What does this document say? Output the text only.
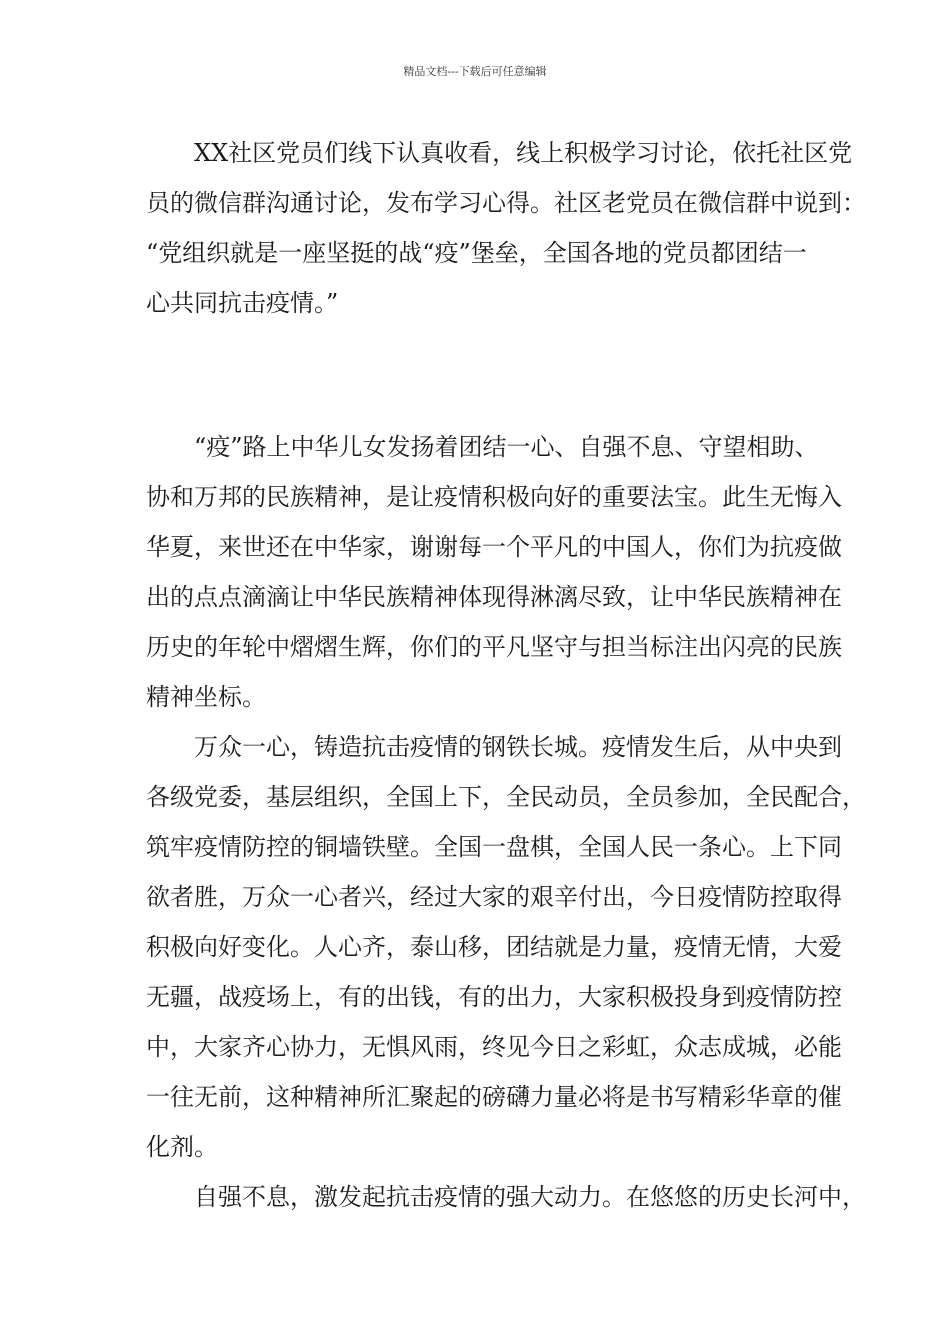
精品文档---下载后可任意编辑

XX社区党员们线下认真收看，线上积极学习讨论，依托社区党
员的微信群沟通讨论，发布学习心得。社区老党员在微信群中说到：
“党组织就是一座坚挺的战“疫”堡垒，全国各地的党员都团结一
心共同抗击疫情。”

“疫”路上中华儿女发扬着团结一心、自强不息、守望相助、
协和万邦的民族精神，是让疫情积极向好的重要法宝。此生无悔入
华夏，来世还在中华家，谢谢每一个平凡的中国人，你们为抗疫做
出的点点滴滴让中华民族精神体现得淋漓尽致，让中华民族精神在
历史的年轮中熠熠生辉，你们的平凡坚守与担当标注出闪亮的民族
精神坐标。

万众一心，铸造抗击疫情的钢铁长城。疫情发生后，从中央到
各级党委，基层组织，全国上下，全民动员，全员参加，全民配合，
筑牢疫情防控的铜墙铁壁。全国一盘棋，全国人民一条心。上下同
欲者胜，万众一心者兴，经过大家的艰辛付出，今日疫情防控取得
积极向好变化。人心齐，泰山移，团结就是力量，疫情无情，大爱
无疆，战疫场上，有的出钱，有的出力，大家积极投身到疫情防控
中，大家齐心协力，无惧风雨，终见今日之彩虹，众志成城，必能
一往无前，这种精神所汇聚起的磅礴力量必将是书写精彩华章的催
化剂。

自强不息，激发起抗击疫情的强大动力。在悠悠的历史长河中，
